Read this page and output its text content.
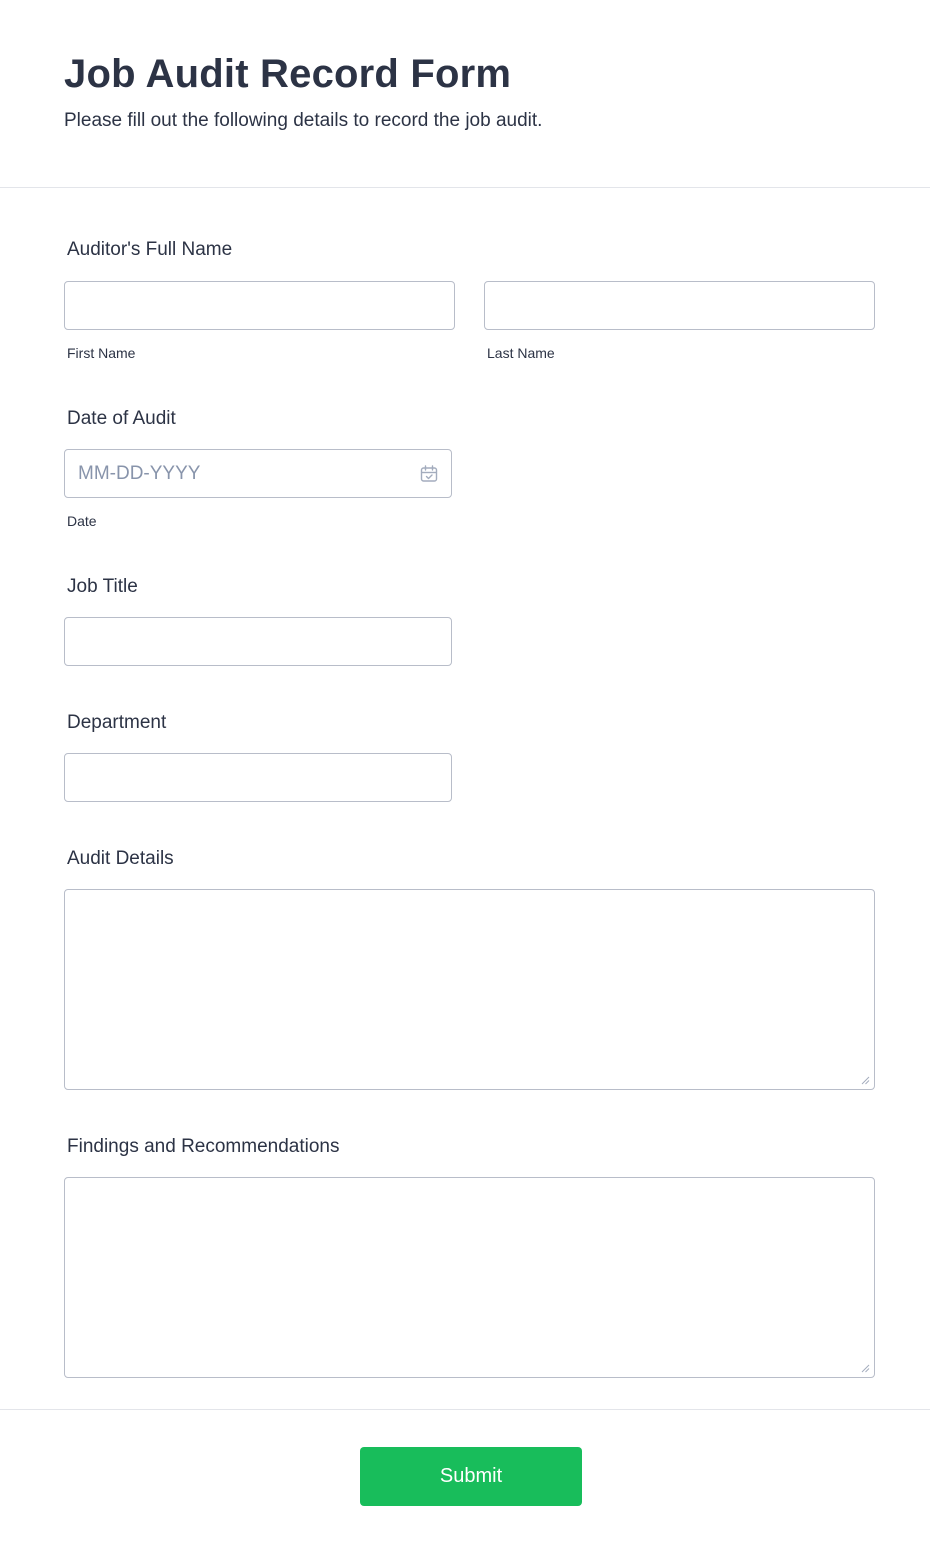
Job Audit Record Form
Please fill out the following details to record the job audit.
Auditor's Full Name
First Name	Last Name
Date of Audit
MM-DD-YYYY
Date
Job Title
Department
Audit Details
Findings and Recommendations
Submit
